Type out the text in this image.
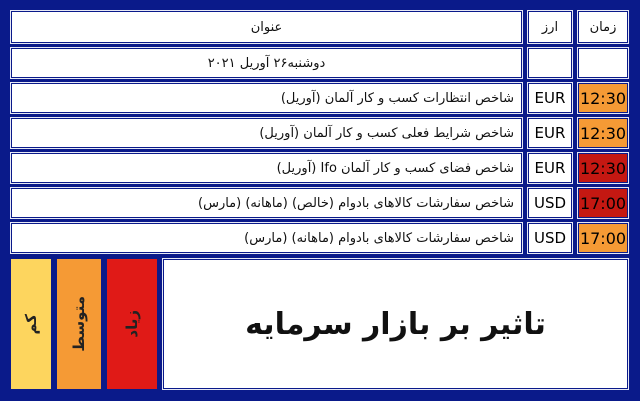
زمان
ارز
عنوان
دوشنبه۲۶ آوریل ۲۰۲۱
12:30
EUR
شاخص انتظارات کسب و کار آلمان (آوریل)
12:30
EUR
شاخص شرایط فعلی کسب و کار آلمان (آوریل)
12:30
EUR
شاخص فضای کسب و کار آلمان Ifo (آوریل)
17:00
USD
شاخص سفارشات کالاهای بادوام (خالص) (ماهانه) (مارس)
17:00
USD
شاخص سفارشات کالاهای بادوام (ماهانه) (مارس)
کم متوسط زیاد	تاثیر بر بازار سرمایه
